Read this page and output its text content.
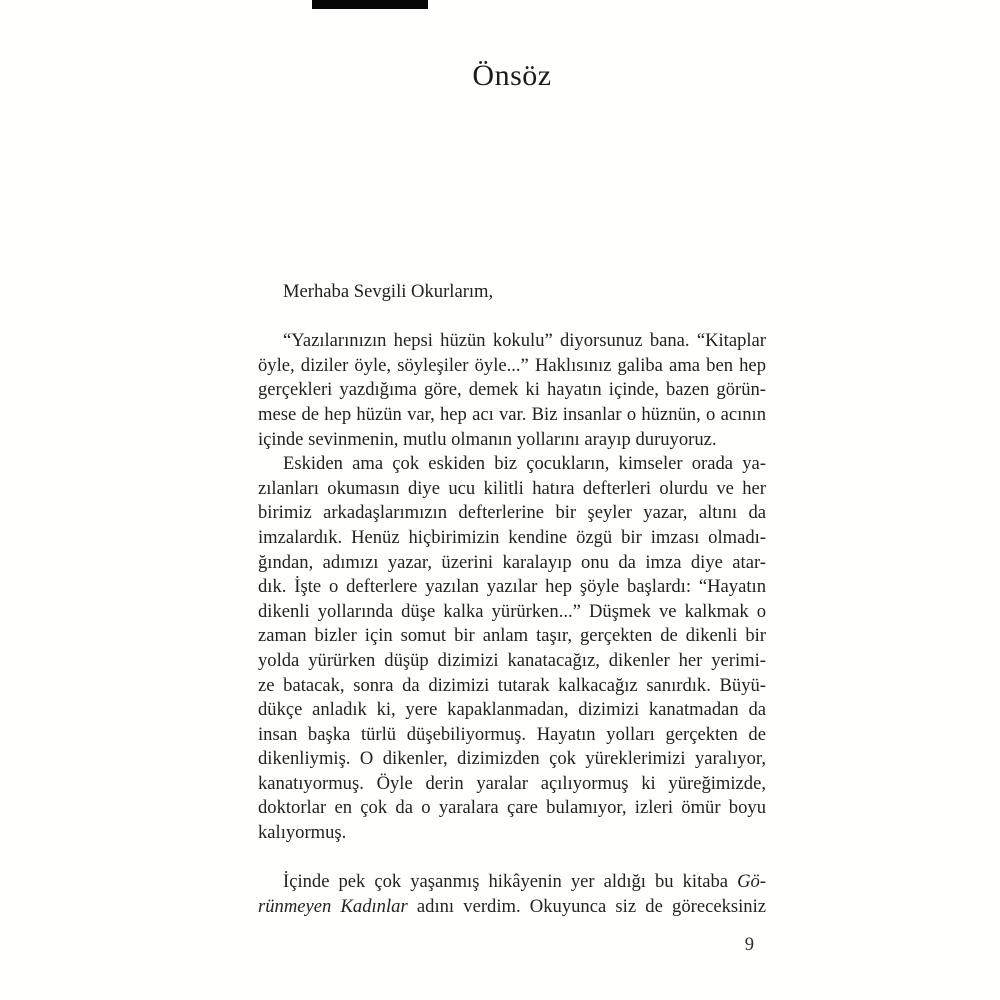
Önsöz
Merhaba Sevgili Okurlarım,
“Yazılarınızın hepsi hüzün kokulu” diyorsunuz bana. “Kitaplar
öyle, diziler öyle, söyleşiler öyle...” Haklısınız galiba ama ben hep
gerçekleri yazdığıma göre, demek ki hayatın içinde, bazen görün-
mese de hep hüzün var, hep acı var. Biz insanlar o hüznün, o acının
içinde sevinmenin, mutlu olmanın yollarını arayıp duruyoruz.
Eskiden ama çok eskiden biz çocukların, kimseler orada ya-
zılanları okumasın diye ucu kilitli hatıra defterleri olurdu ve her
birimiz arkadaşlarımızın defterlerine bir şeyler yazar, altını da
imzalardık. Henüz hiçbirimizin kendine özgü bir imzası olmadı-
ğından, adımızı yazar, üzerini karalayıp onu da imza diye atar-
dık. İşte o defterlere yazılan yazılar hep şöyle başlardı: “Hayatın
dikenli yollarında düşe kalka yürürken...” Düşmek ve kalkmak o
zaman bizler için somut bir anlam taşır, gerçekten de dikenli bir
yolda yürürken düşüp dizimizi kanatacağız, dikenler her yerimi-
ze batacak, sonra da dizimizi tutarak kalkacağız sanırdık. Büyü-
dükçe anladık ki, yere kapaklanmadan, dizimizi kanatmadan da
insan başka türlü düşebiliyormuş. Hayatın yolları gerçekten de
dikenliymiş. O dikenler, dizimizden çok yüreklerimizi yaralıyor,
kanatıyormuş. Öyle derin yaralar açılıyormuş ki yüreğimizde,
doktorlar en çok da o yaralara çare bulamıyor, izleri ömür boyu
kalıyormuş.
İçinde pek çok yaşanmış hikâyenin yer aldığı bu kitaba Gö-
rünmeyen Kadınlar adını verdim. Okuyunca siz de göreceksiniz
9
